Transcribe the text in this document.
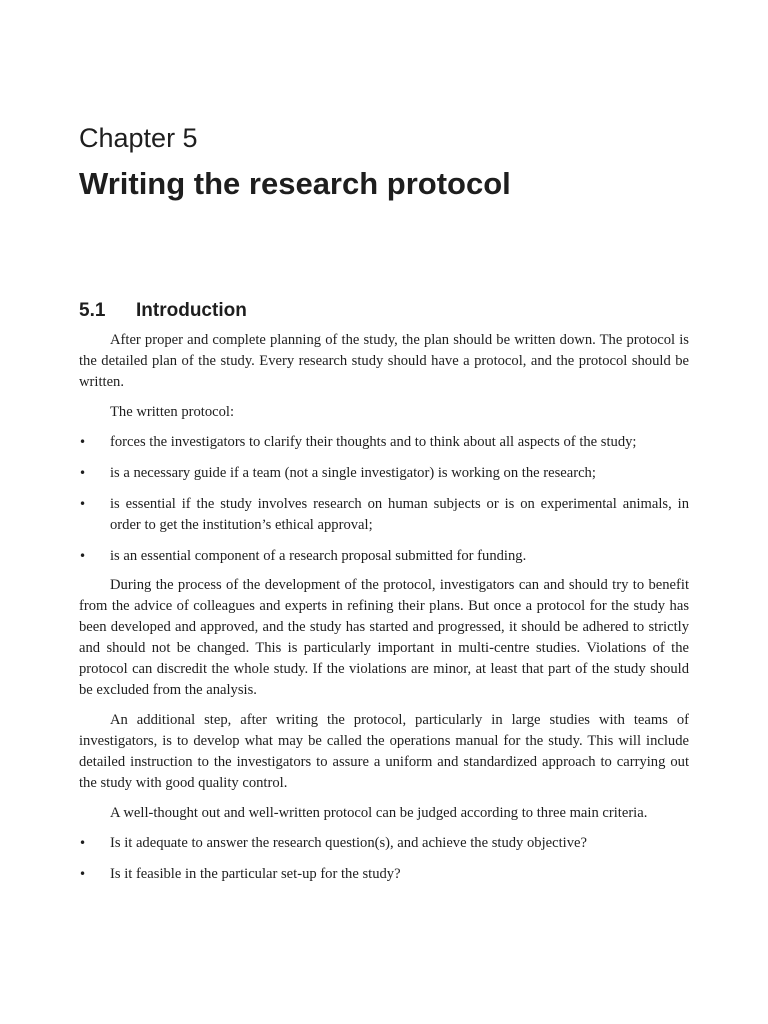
Chapter 5
Writing the research protocol
5.1 Introduction

After proper and complete planning of the study, the plan should be written down. The protocol is the detailed plan of the study. Every research study should have a protocol, and the protocol should be written.

The written protocol:

• forces the investigators to clarify their thoughts and to think about all aspects of the study;
• is a necessary guide if a team (not a single investigator) is working on the research;
• is essential if the study involves research on human subjects or is on experimental animals, in order to get the institution’s ethical approval;
• is an essential component of a research proposal submitted for funding.

During the process of the development of the protocol, investigators can and should try to benefit from the advice of colleagues and experts in refining their plans. But once a protocol for the study has been developed and approved, and the study has started and progressed, it should be adhered to strictly and should not be changed. This is particularly important in multi-centre studies. Violations of the protocol can discredit the whole study. If the violations are minor, at least that part of the study should be excluded from the analysis.

An additional step, after writing the protocol, particularly in large studies with teams of investigators, is to develop what may be called the operations manual for the study. This will include detailed instruction to the investigators to assure a uniform and standardized approach to carrying out the study with good quality control.

A well-thought out and well-written protocol can be judged according to three main criteria.

• Is it adequate to answer the research question(s), and achieve the study objective?
• Is it feasible in the particular set-up for the study?
